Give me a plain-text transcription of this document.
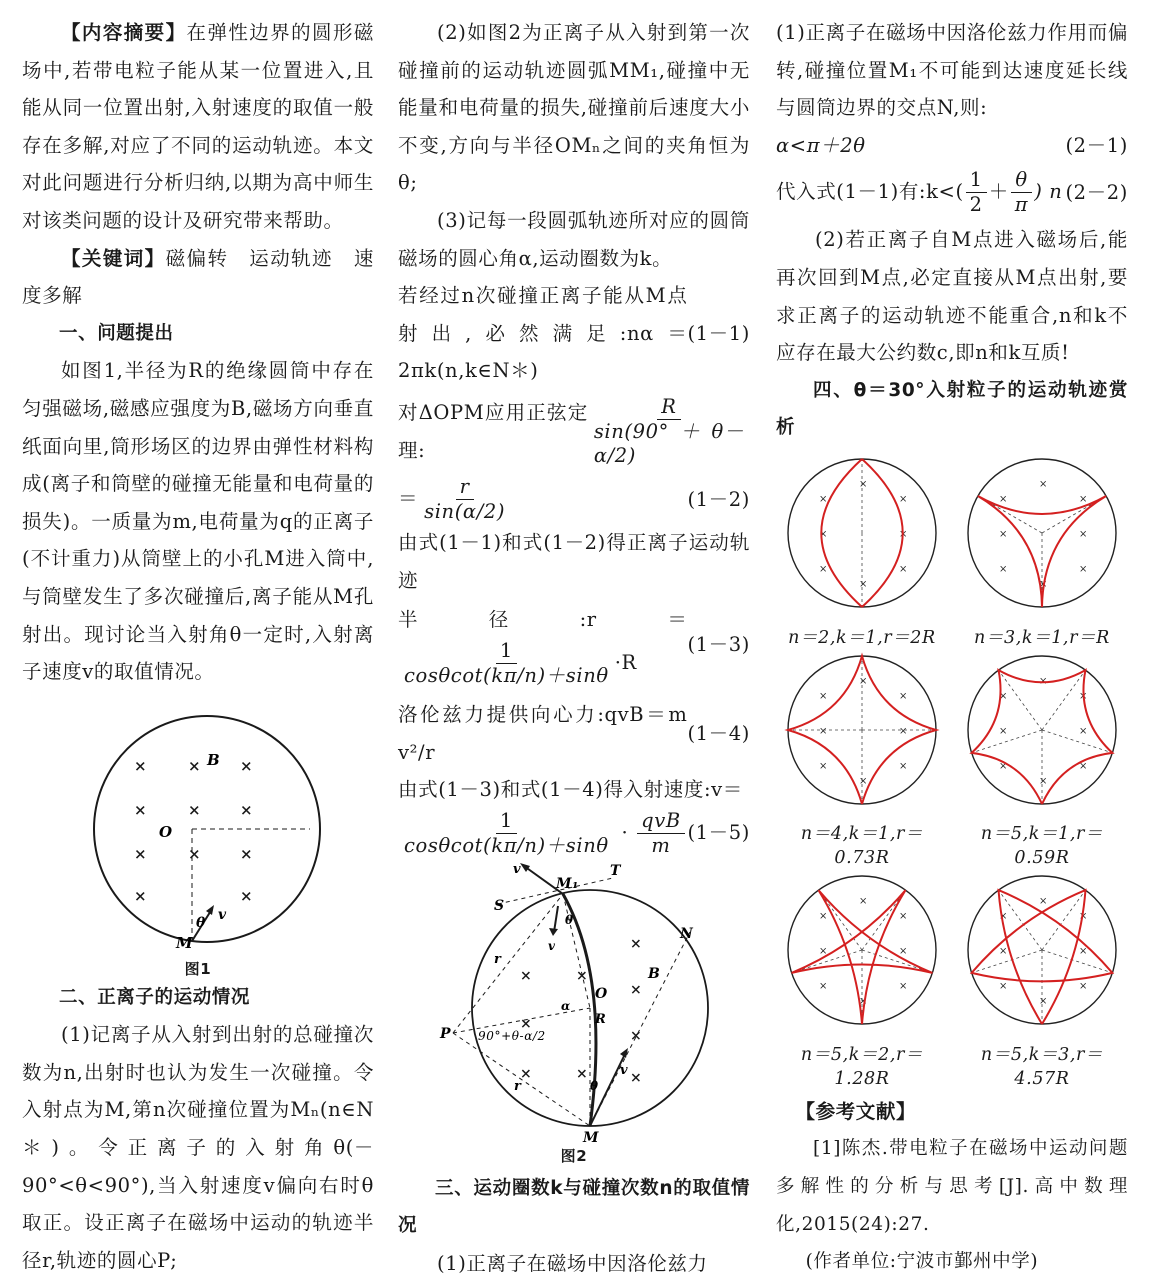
【内容摘要】在弹性边界的圆形磁场中,若带电粒子能从某一位置进入,且能从同一位置出射,入射速度的取值一般存在多解,对应了不同的运动轨迹。本文对此问题进行分析归纳,以期为高中师生对该类问题的设计及研究带来帮助。

【关键词】磁偏转　运动轨迹　速度多解

一、问题提出

如图1,半径为R的绝缘圆筒中存在匀强磁场,磁感应强度为B,磁场方向垂直纸面向里,筒形场区的边界由弹性材料构成(离子和筒壁的碰撞无能量和电荷量的损失)。一质量为m,电荷量为q的正离子(不计重力)从筒壁上的小孔M进入筒中,与筒壁发生了多次碰撞后,离子能从M孔射出。现讨论当入射角θ一定时,入射离子速度v的取值情况。

×	×	×
×	×	×
×	×	×
×	×
B
O
M
θ v
图1

二、正离子的运动情况

(1)记离子从入射到出射的总碰撞次数为n,出射时也认为发生一次碰撞。令入射点为M,第n次碰撞位置为Mₙ(n∈N＊)。令正离子的入射角θ(－90°<θ<90°),当入射速度v偏向右时θ取正。设正离子在磁场中运动的轨迹半径r,轨迹的圆心P;

(2)如图2为正离子从入射到第一次碰撞前的运动轨迹圆弧MM₁,碰撞中无能量和电荷量的损失,碰撞前后速度大小不变,方向与半径OMₙ之间的夹角恒为θ;

(3)记每一段圆弧轨迹所对应的圆筒磁场的圆心角α,运动圈数为k。

若经过n次碰撞正离子能从M点射出,必然满足:nα＝2πk(n,k∈N＊)
(1－1)

对ΔOPM应用正弦定理:	$\frac{R}{\sin(90^\circ+\theta-\alpha/2)}$

＝ $\frac{r}{\sin(\alpha/2)}$	(1－2)

由式(1－1)和式(1－2)得正离子运动轨迹

半径:r＝
$\frac{1}{\cos\theta\cot(k\pi/n)+\sin\theta} \cdot R$
(1－3)

洛伦兹力提供向心力:qvB＝m v²/r
(1－4)

由式(1－3)和式(1－4)得入射速度:v＝

$\frac{1}{\cos\theta\cot(k\pi/n)+\sin\theta} \cdot \frac{\text{qvB}}{m} (1-5)$

×	×
×
×
×
×
×	×	×
v
M₁
T
S
θ
N
r
v
B
O
α
R
P 90°+θ-α/2
r	θ
v
M
图2

三、运动圈数k与碰撞次数n的取值情况

(1)正离子在磁场中因洛伦兹力

(1)正离子在磁场中因洛伦兹力作用而偏转,碰撞位置M₁不可能到达速度延长线与圆筒边界的交点N,则:

α<π＋2θ	(2－1)

代入式(1－1)有:k<( $\frac{1}{2} + \frac{\theta}{\pi}$ ) n (2－2)

(2)若正离子自M点进入磁场后,能再次回到M点,必定直接从M点出射,要求正离子的运动轨迹不能重合,n和k不应存在最大公约数c,即n和k互质!

四、θ＝30°入射粒子的运动轨迹赏析

×	×
×	×
×	×
×
×
n＝2,k＝1,r＝2R
×	×
×	×
×	×
×
×
n＝3,k＝1,r＝R
×	×
×	×
×	×
×
×
n＝4,k＝1,r＝0.73R
×	×
×	×
×	×
×
×
n＝5,k＝1,r＝0.59R
×	×
×	×
×	×
×
×
n＝5,k＝2,r＝1.28R
×	×
×	×
×	×
×
×
n＝5,k＝3,r＝4.57R

【参考文献】

[1]陈杰.带电粒子在磁场中运动问题多解性的分析与思考[J].高中数理化,2015(24):27.

(作者单位:宁波市鄞州中学)
